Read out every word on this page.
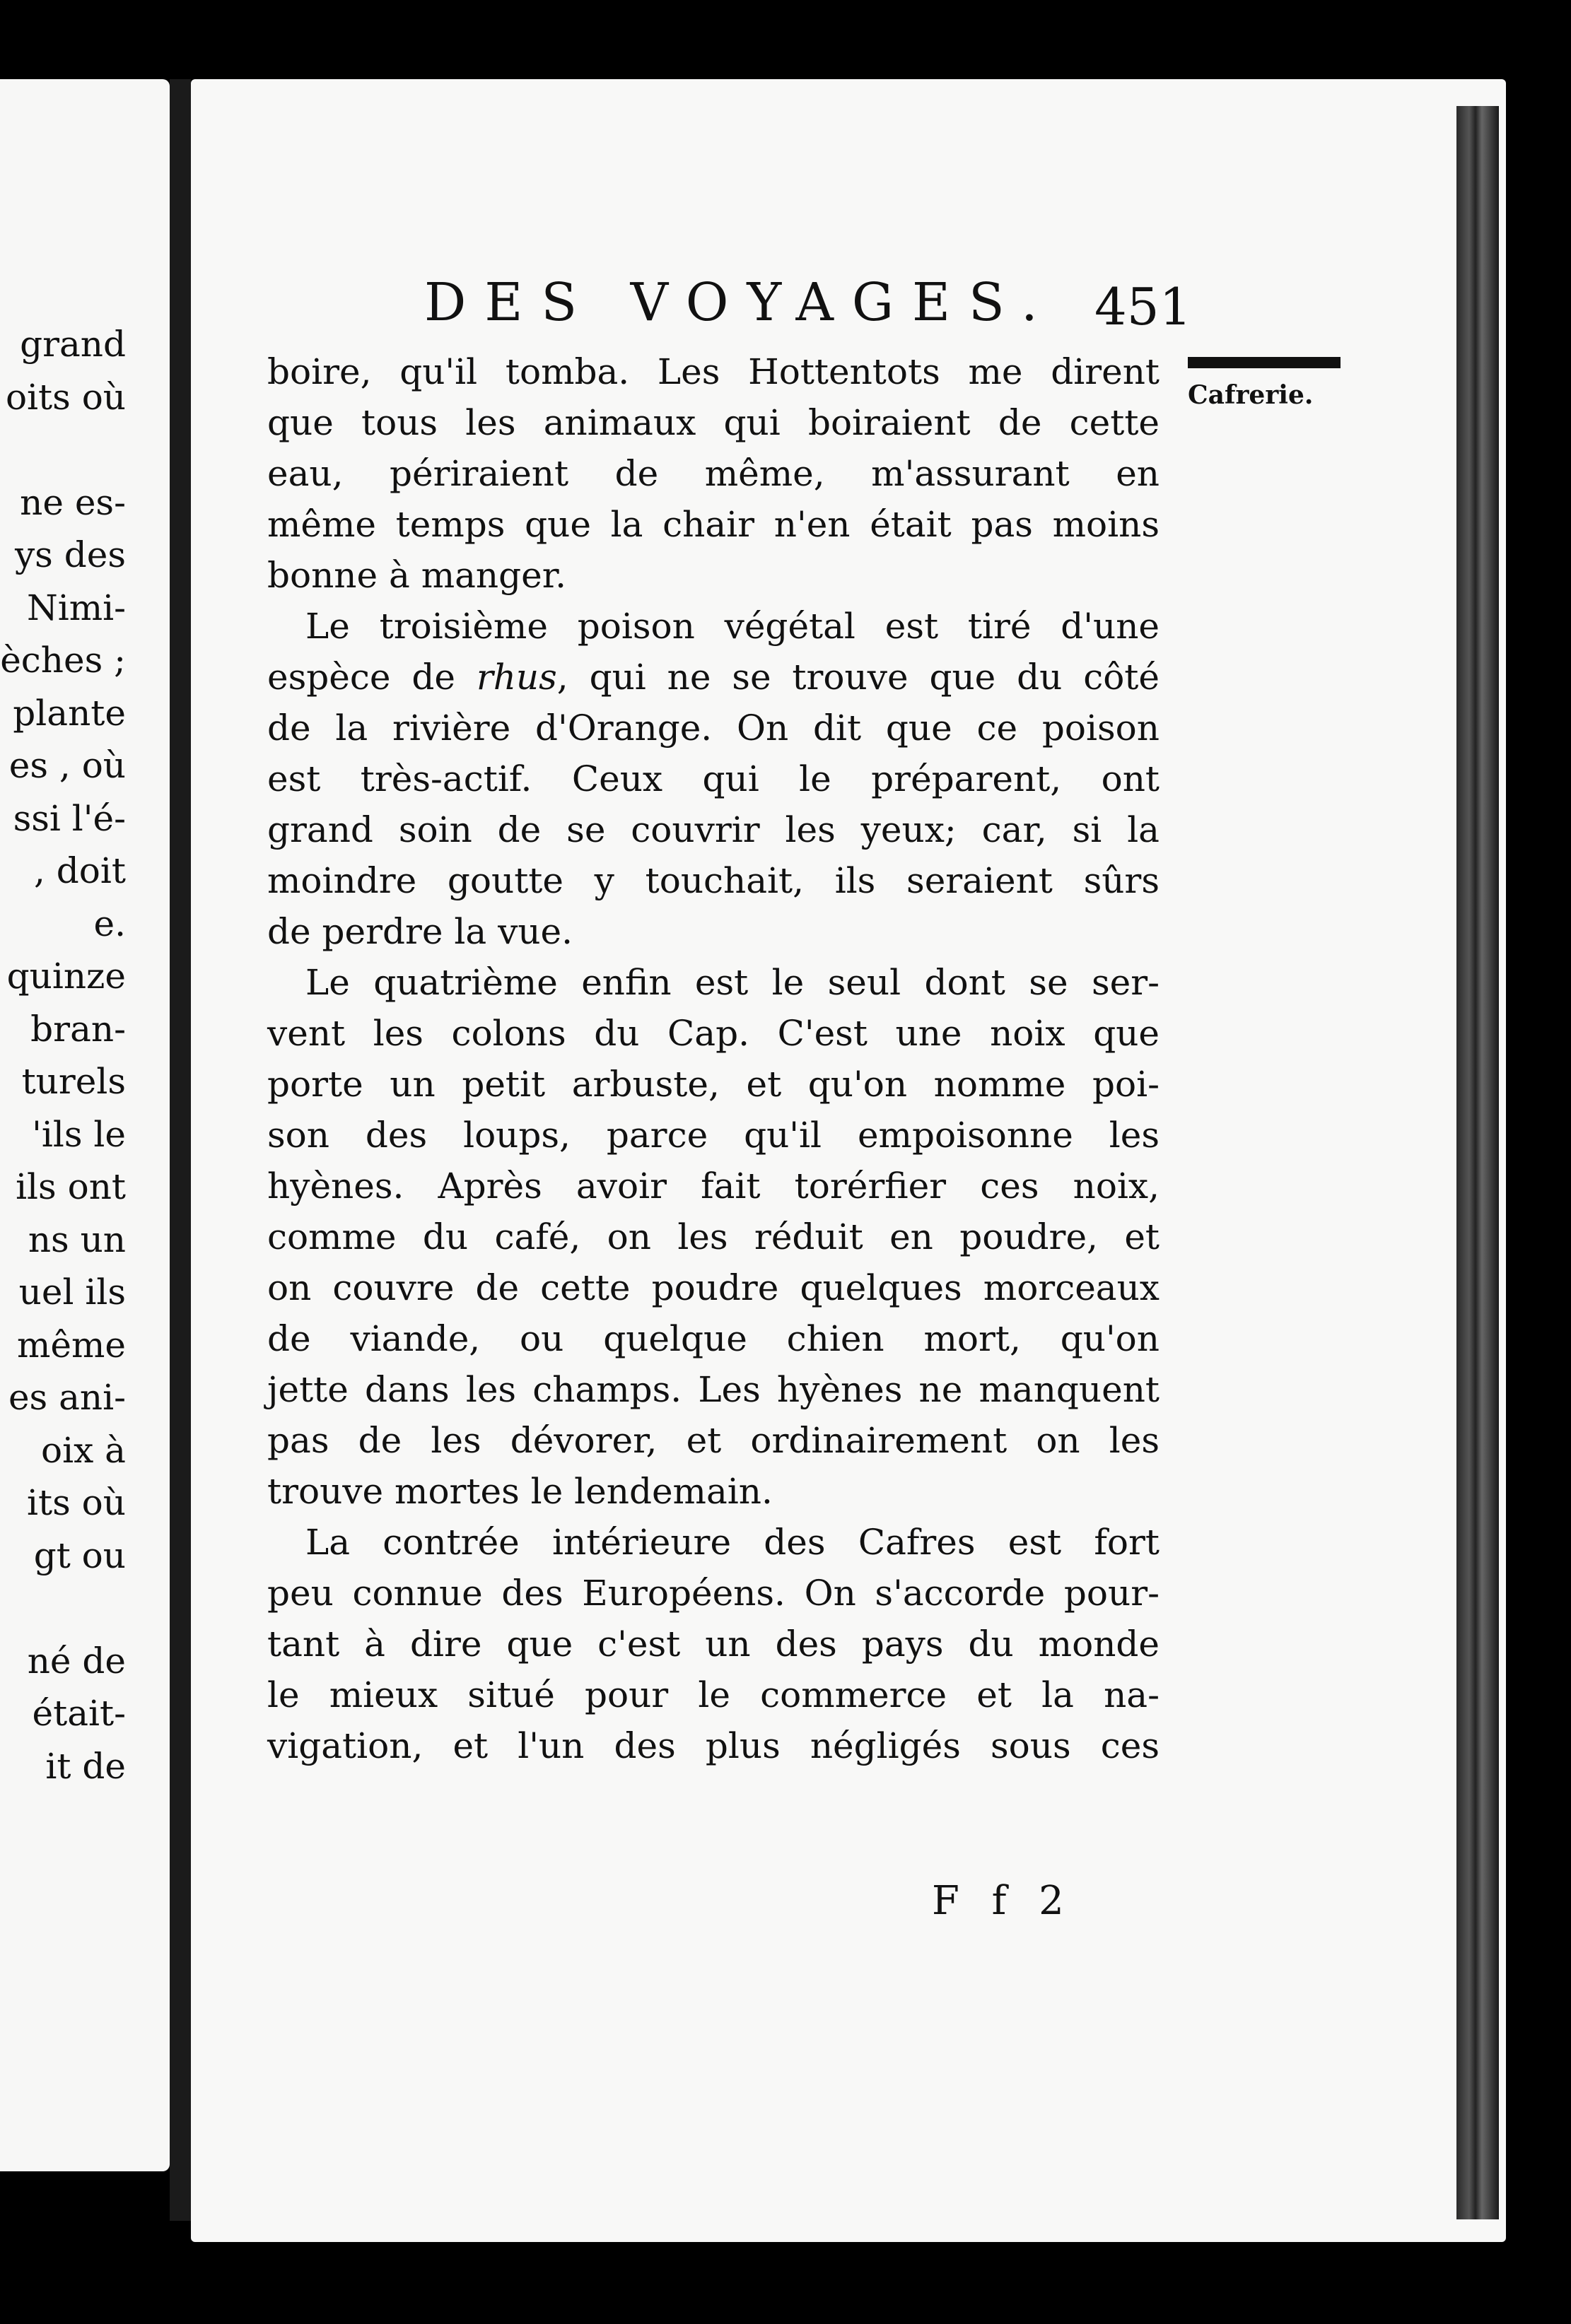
grand
oits où
ne es-
ys des
Nimi-
èches ;
plante
es , où
ssi l'é-
, doit
e.
quinze
bran-
turels
'ils le
ils ont
ns un
uel ils
même
es ani-
oix à
its où
gt ou
né de
était-
it de
DES VOYAGES. 451
Cafrerie.
boire, qu'il tomba. Les Hottentots me dirent
que tous les animaux qui boiraient de cette
eau, périraient de même, m'assurant en
même temps que la chair n'en était pas moins
bonne à manger.
Le troisième poison végétal est tiré d'une
espèce de rhus, qui ne se trouve que du côté
de la rivière d'Orange. On dit que ce poison
est très-actif. Ceux qui le préparent, ont
grand soin de se couvrir les yeux; car, si la
moindre goutte y touchait, ils seraient sûrs
de perdre la vue.
Le quatrième enfin est le seul dont se ser-
vent les colons du Cap. C'est une noix que
porte un petit arbuste, et qu'on nomme poi-
son des loups, parce qu'il empoisonne les
hyènes. Après avoir fait torérfier ces noix,
comme du café, on les réduit en poudre, et
on couvre de cette poudre quelques morceaux
de viande, ou quelque chien mort, qu'on
jette dans les champs. Les hyènes ne manquent
pas de les dévorer, et ordinairement on les
trouve mortes le lendemain.
La contrée intérieure des Cafres est fort
peu connue des Européens. On s'accorde pour-
tant à dire que c'est un des pays du monde
le mieux situé pour le commerce et la na-
vigation, et l'un des plus négligés sous ces
F f 2
